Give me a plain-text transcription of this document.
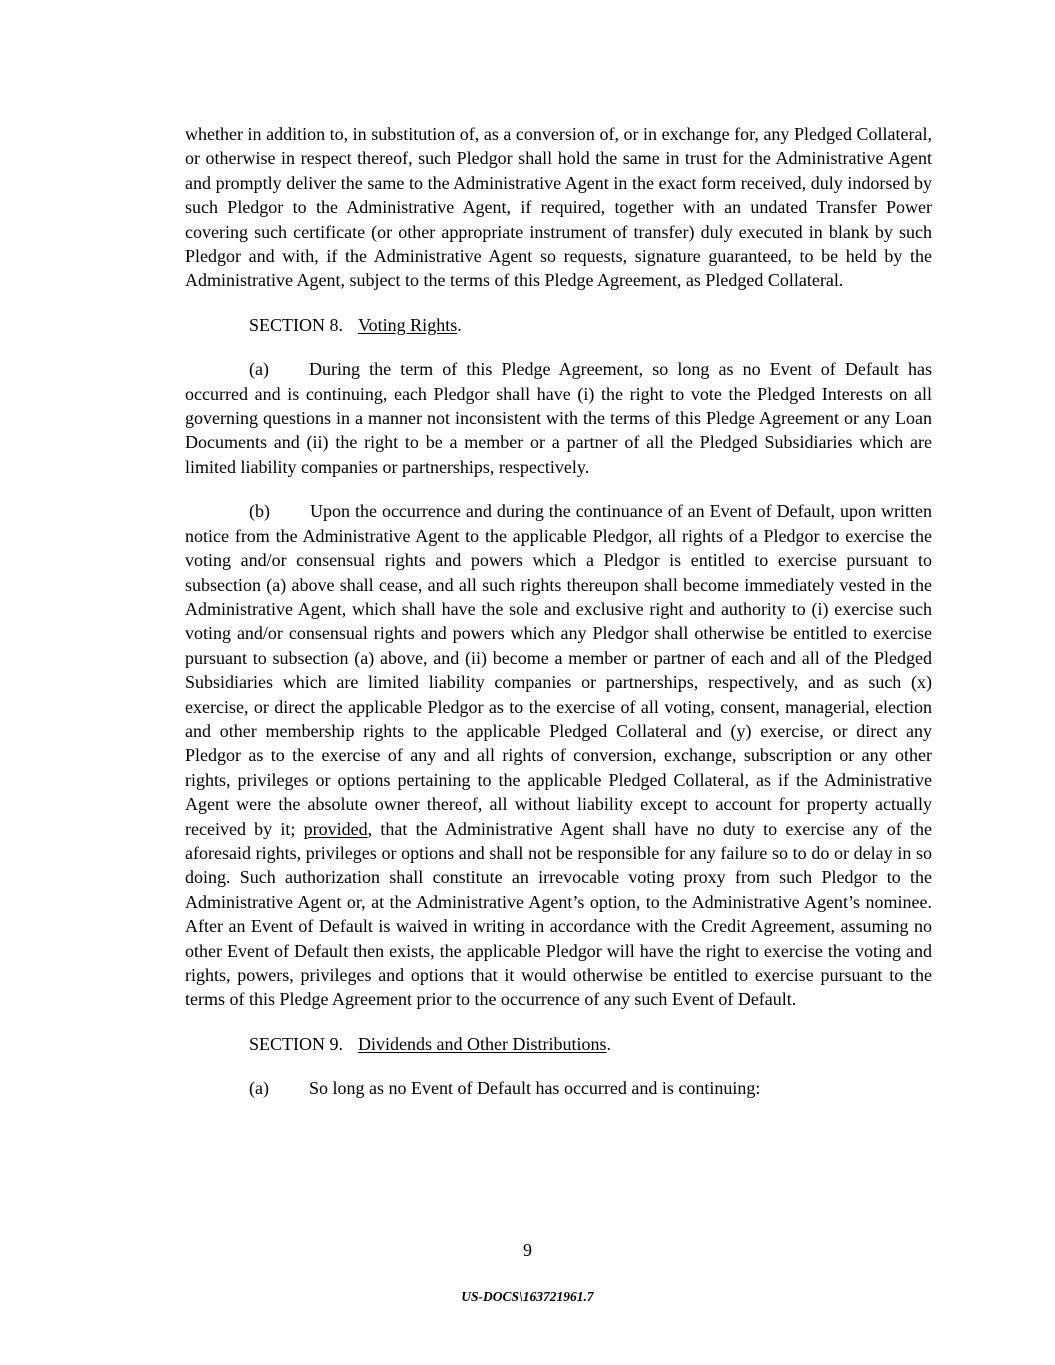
whether in addition to, in substitution of, as a conversion of, or in exchange for, any Pledged Collateral, or otherwise in respect thereof, such Pledgor shall hold the same in trust for the Administrative Agent and promptly deliver the same to the Administrative Agent in the exact form received, duly indorsed by such Pledgor to the Administrative Agent, if required, together with an undated Transfer Power covering such certificate (or other appropriate instrument of transfer) duly executed in blank by such Pledgor and with, if the Administrative Agent so requests, signature guaranteed, to be held by the Administrative Agent, subject to the terms of this Pledge Agreement, as Pledged Collateral.

SECTION 8. Voting Rights.

(a) During the term of this Pledge Agreement, so long as no Event of Default has occurred and is continuing, each Pledgor shall have (i) the right to vote the Pledged Interests on all governing questions in a manner not inconsistent with the terms of this Pledge Agreement or any Loan Documents and (ii) the right to be a member or a partner of all the Pledged Subsidiaries which are limited liability companies or partnerships, respectively.

(b) Upon the occurrence and during the continuance of an Event of Default, upon written notice from the Administrative Agent to the applicable Pledgor, all rights of a Pledgor to exercise the voting and/or consensual rights and powers which a Pledgor is entitled to exercise pursuant to subsection (a) above shall cease, and all such rights thereupon shall become immediately vested in the Administrative Agent, which shall have the sole and exclusive right and authority to (i) exercise such voting and/or consensual rights and powers which any Pledgor shall otherwise be entitled to exercise pursuant to subsection (a) above, and (ii) become a member or partner of each and all of the Pledged Subsidiaries which are limited liability companies or partnerships, respectively, and as such (x) exercise, or direct the applicable Pledgor as to the exercise of all voting, consent, managerial, election and other membership rights to the applicable Pledged Collateral and (y) exercise, or direct any Pledgor as to the exercise of any and all rights of conversion, exchange, subscription or any other rights, privileges or options pertaining to the applicable Pledged Collateral, as if the Administrative Agent were the absolute owner thereof, all without liability except to account for property actually received by it; provided, that the Administrative Agent shall have no duty to exercise any of the aforesaid rights, privileges or options and shall not be responsible for any failure so to do or delay in so doing. Such authorization shall constitute an irrevocable voting proxy from such Pledgor to the Administrative Agent or, at the Administrative Agent’s option, to the Administrative Agent’s nominee. After an Event of Default is waived in writing in accordance with the Credit Agreement, assuming no other Event of Default then exists, the applicable Pledgor will have the right to exercise the voting and rights, powers, privileges and options that it would otherwise be entitled to exercise pursuant to the terms of this Pledge Agreement prior to the occurrence of any such Event of Default.

SECTION 9. Dividends and Other Distributions.

(a) So long as no Event of Default has occurred and is continuing:

9
US-DOCS\163721961.7
